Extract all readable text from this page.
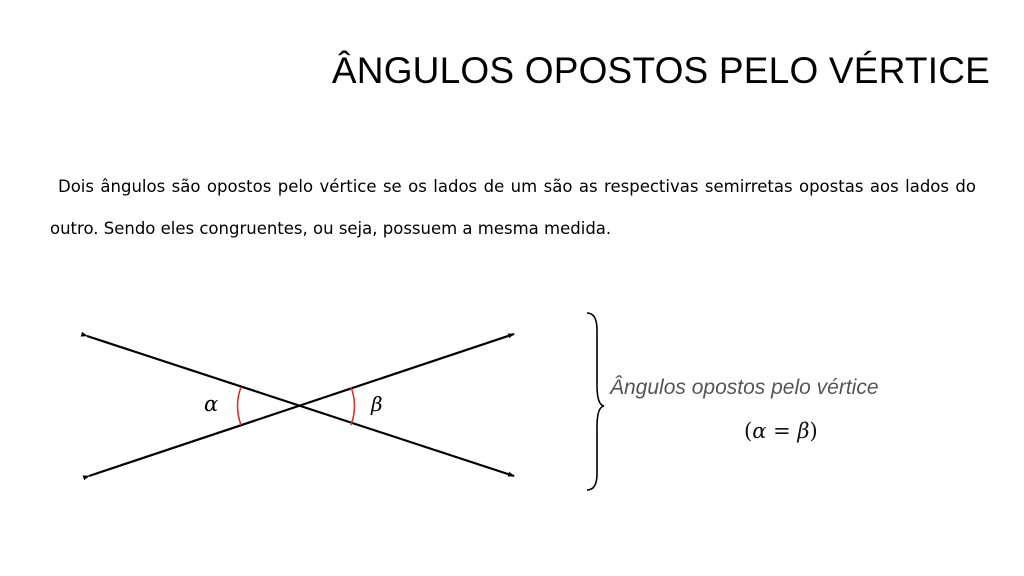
ÂNGULOS OPOSTOS PELO VÉRTICE
Dois ângulos são opostos pelo vértice se os lados de um são as respectivas semirretas opostas aos lados do outro. Sendo eles congruentes, ou seja, possuem a mesma medida.
α	β
Ângulos opostos pelo vértice
(α = β)
